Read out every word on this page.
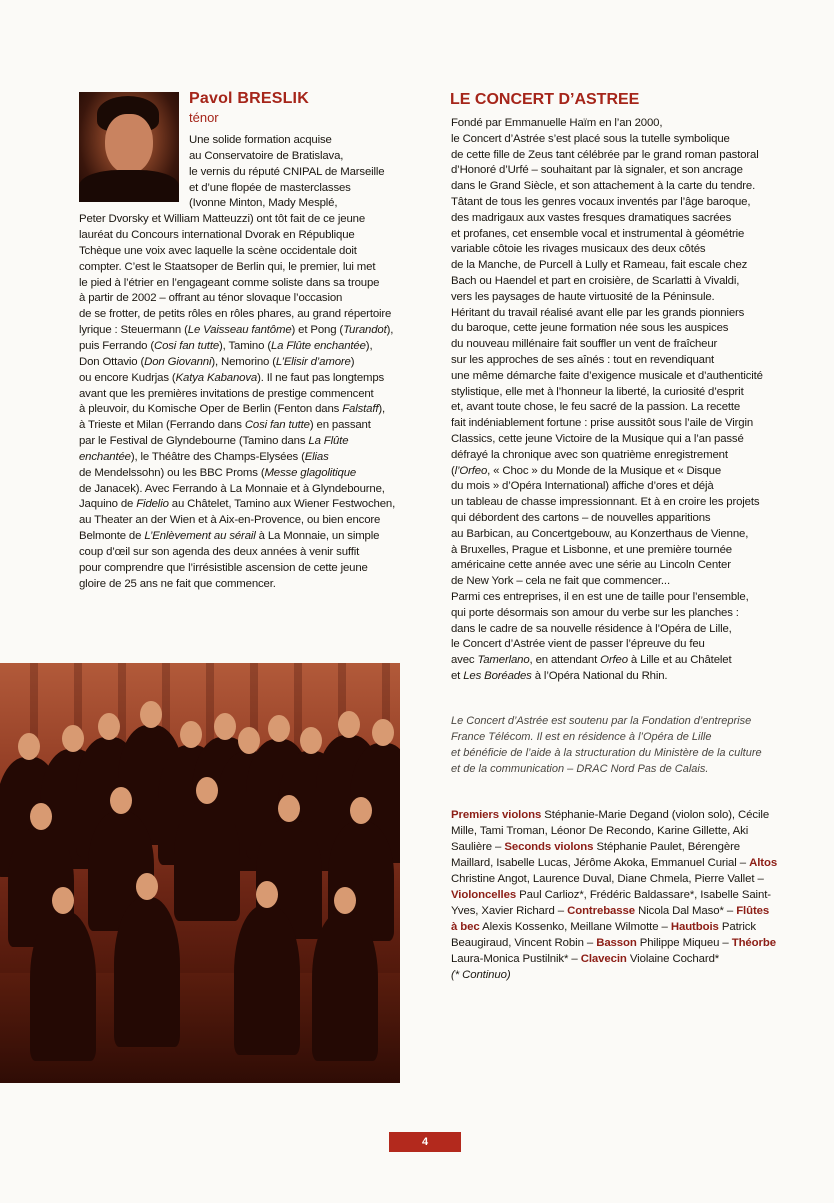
Pavol BRESLIK

ténor

Une solide formation acquise
au Conservatoire de Bratislava,
le vernis du réputé CNIPAL de Marseille
et d’une flopée de masterclasses
(Ivonne Minton, Mady Mesplé,
Peter Dvorsky et William Matteuzzi) ont tôt fait de ce jeune
lauréat du Concours international Dvorak en République
Tchèque une voix avec laquelle la scène occidentale doit
compter. C’est le Staatsoper de Berlin qui, le premier, lui met
le pied à l’étrier en l’engageant comme soliste dans sa troupe
à partir de 2002 – offrant au ténor slovaque l’occasion
de se frotter, de petits rôles en rôles phares, au grand répertoire
lyrique : Steuermann (Le Vaisseau fantôme) et Pong (Turandot),
puis Ferrando (Cosi fan tutte), Tamino (La Flûte enchantée),
Don Ottavio (Don Giovanni), Nemorino (L’Elisir d’amore)
ou encore Kudrjas (Katya Kabanova). Il ne faut pas longtemps
avant que les premières invitations de prestige commencent
à pleuvoir, du Komische Oper de Berlin (Fenton dans Falstaff),
à Trieste et Milan (Ferrando dans Cosi fan tutte) en passant
par le Festival de Glyndebourne (Tamino dans La Flûte
enchantée), le Théâtre des Champs-Elysées (Elias
de Mendelssohn) ou les BBC Proms (Messe glagolitique
de Janacek). Avec Ferrando à La Monnaie et à Glyndebourne,
Jaquino de Fidelio au Châtelet, Tamino aux Wiener Festwochen,
au Theater an der Wien et à Aix-en-Provence, ou bien encore
Belmonte de L’Enlèvement au sérail à La Monnaie, un simple
coup d’œil sur son agenda des deux années à venir suffit
pour comprendre que l’irrésistible ascension de cette jeune
gloire de 25 ans ne fait que commencer.
LE CONCERT D’ASTREE
Fondé par Emmanuelle Haïm en l’an 2000,
le Concert d’Astrée s’est placé sous la tutelle symbolique
de cette fille de Zeus tant célébrée par le grand roman pastoral
d’Honoré d’Urfé – souhaitant par là signaler, et son ancrage
dans le Grand Siècle, et son attachement à la carte du tendre.
Tâtant de tous les genres vocaux inventés par l’âge baroque,
des madrigaux aux vastes fresques dramatiques sacrées
et profanes, cet ensemble vocal et instrumental à géométrie
variable côtoie les rivages musicaux des deux côtés
de la Manche, de Purcell à Lully et Rameau, fait escale chez
Bach ou Haendel et part en croisière, de Scarlatti à Vivaldi,
vers les paysages de haute virtuosité de la Péninsule.
Héritant du travail réalisé avant elle par les grands pionniers
du baroque, cette jeune formation née sous les auspices
du nouveau millénaire fait souffler un vent de fraîcheur
sur les approches de ses aînés : tout en revendiquant
une même démarche faite d’exigence musicale et d’authenticité
stylistique, elle met à l’honneur la liberté, la curiosité d’esprit
et, avant toute chose, le feu sacré de la passion. La recette
fait indéniablement fortune : prise aussitôt sous l’aile de Virgin
Classics, cette jeune Victoire de la Musique qui a l’an passé
défrayé la chronique avec son quatrième enregistrement
(l’Orfeo, « Choc » du Monde de la Musique et « Disque
du mois » d’Opéra International) affiche d’ores et déjà
un tableau de chasse impressionnant. Et à en croire les projets
qui débordent des cartons – de nouvelles apparitions
au Barbican, au Concertgebouw, au Konzerthaus de Vienne,
à Bruxelles, Prague et Lisbonne, et une première tournée
américaine cette année avec une série au Lincoln Center
de New York – cela ne fait que commencer...
Parmi ces entreprises, il en est une de taille pour l’ensemble,
qui porte désormais son amour du verbe sur les planches :
dans le cadre de sa nouvelle résidence à l’Opéra de Lille,
le Concert d’Astrée vient de passer l’épreuve du feu
avec Tamerlano, en attendant Orfeo à Lille et au Châtelet
et Les Boréades à l’Opéra National du Rhin.
Le Concert d’Astrée est soutenu par la Fondation d’entreprise
France Télécom. Il est en résidence à l’Opéra de Lille
et bénéficie de l’aide à la structuration du Ministère de la culture
et de la communication – DRAC Nord Pas de Calais.
Premiers violons Stéphanie-Marie Degand (violon solo), Cécile
Mille, Tami Troman, Léonor De Recondo, Karine Gillette, Aki
Saulière – Seconds violons Stéphanie Paulet, Bérengère
Maillard, Isabelle Lucas, Jérôme Akoka, Emmanuel Curial – Altos
Christine Angot, Laurence Duval, Diane Chmela, Pierre Vallet –
Violoncelles Paul Carlioz*, Frédéric Baldassare*, Isabelle Saint-
Yves, Xavier Richard – Contrebasse Nicola Dal Maso* – Flûtes
à bec Alexis Kossenko, Meillane Wilmotte – Hautbois Patrick
Beaugiraud, Vincent Robin – Basson Philippe Miqueu – Théorbe
Laura-Monica Pustilnik* – Clavecin Violaine Cochard*
(* Continuo)
4
